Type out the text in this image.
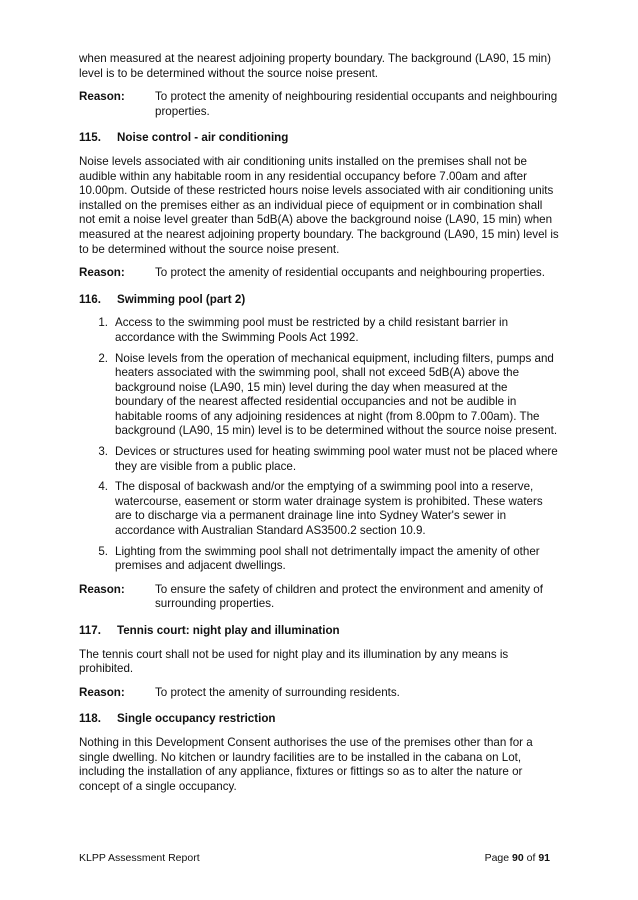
when measured at the nearest adjoining property boundary. The background (LA90, 15 min) level is to be determined without the source noise present.

Reason:	To protect the amenity of neighbouring residential occupants and neighbouring properties.
115.	Noise control - air conditioning

Noise levels associated with air conditioning units installed on the premises shall not be audible within any habitable room in any residential occupancy before 7.00am and after 10.00pm. Outside of these restricted hours noise levels associated with air conditioning units installed on the premises either as an individual piece of equipment or in combination shall not emit a noise level greater than 5dB(A) above the background noise (LA90, 15 min) when measured at the nearest adjoining property boundary. The background (LA90, 15 min) level is to be determined without the source noise present.

Reason:	To protect the amenity of residential occupants and neighbouring properties.
116.	Swimming pool (part 2)
1. Access to the swimming pool must be restricted by a child resistant barrier in accordance with the Swimming Pools Act 1992.
2. Noise levels from the operation of mechanical equipment, including filters, pumps and heaters associated with the swimming pool, shall not exceed 5dB(A) above the background noise (LA90, 15 min) level during the day when measured at the boundary of the nearest affected residential occupancies and not be audible in habitable rooms of any adjoining residences at night (from 8.00pm to 7.00am). The background (LA90, 15 min) level is to be determined without the source noise present.
3. Devices or structures used for heating swimming pool water must not be placed where they are visible from a public place.
4. The disposal of backwash and/or the emptying of a swimming pool into a reserve, watercourse, easement or storm water drainage system is prohibited. These waters are to discharge via a permanent drainage line into Sydney Water's sewer in accordance with Australian Standard AS3500.2 section 10.9.
5. Lighting from the swimming pool shall not detrimentally impact the amenity of other premises and adjacent dwellings.
Reason:	To ensure the safety of children and protect the environment and amenity of surrounding properties.
117.	Tennis court: night play and illumination

The tennis court shall not be used for night play and its illumination by any means is prohibited.

Reason:	To protect the amenity of surrounding residents.
118.	Single occupancy restriction

Nothing in this Development Consent authorises the use of the premises other than for a single dwelling. No kitchen or laundry facilities are to be installed in the cabana on Lot, including the installation of any appliance, fixtures or fittings so as to alter the nature or concept of a single occupancy.

KLPP Assessment Report	Page 90 of 91
